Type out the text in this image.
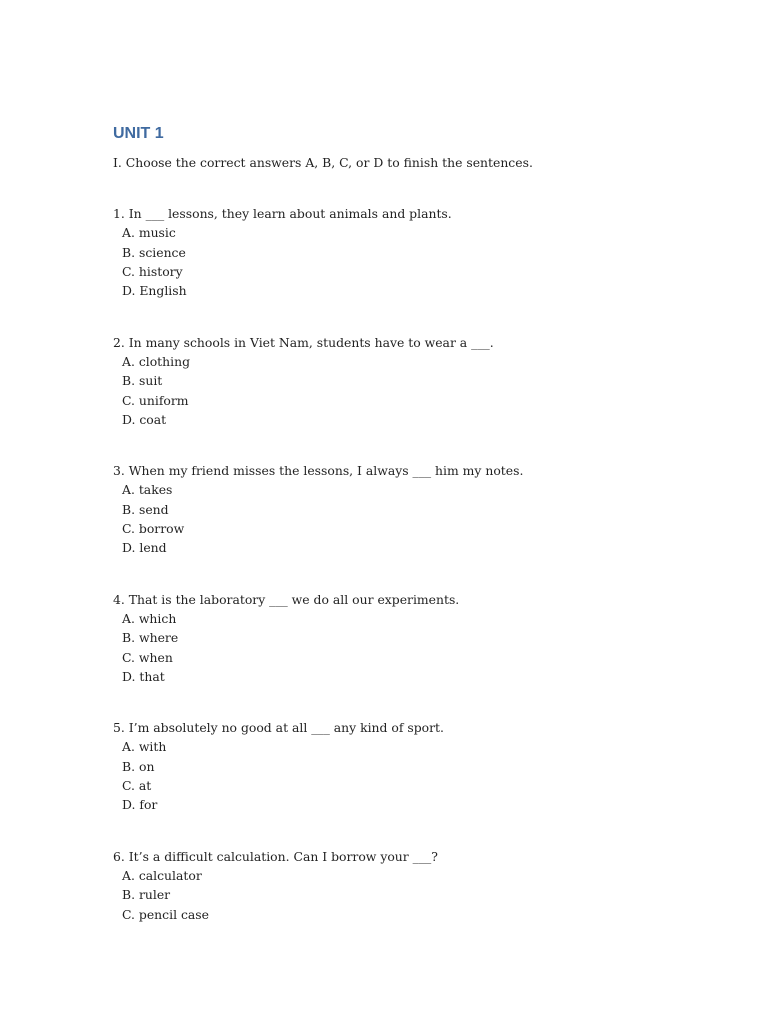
UNIT 1

I. Choose the correct answers A, B, C, or D to finish the sentences.

1. In ___ lessons, they learn about animals and plants.

A. music

B. science

C. history

D. English

2. In many schools in Viet Nam, students have to wear a ___.

A. clothing

B. suit

C. uniform

D. coat

3. When my friend misses the lessons, I always ___ him my notes.

A. takes

B. send

C. borrow

D. lend

4. That is the laboratory ___ we do all our experiments.

A. which

B. where

C. when

D. that

5. I’m absolutely no good at all ___ any kind of sport.

A. with

B. on

C. at

D. for

6. It’s a difficult calculation. Can I borrow your ___?

A. calculator

B. ruler

C. pencil case
